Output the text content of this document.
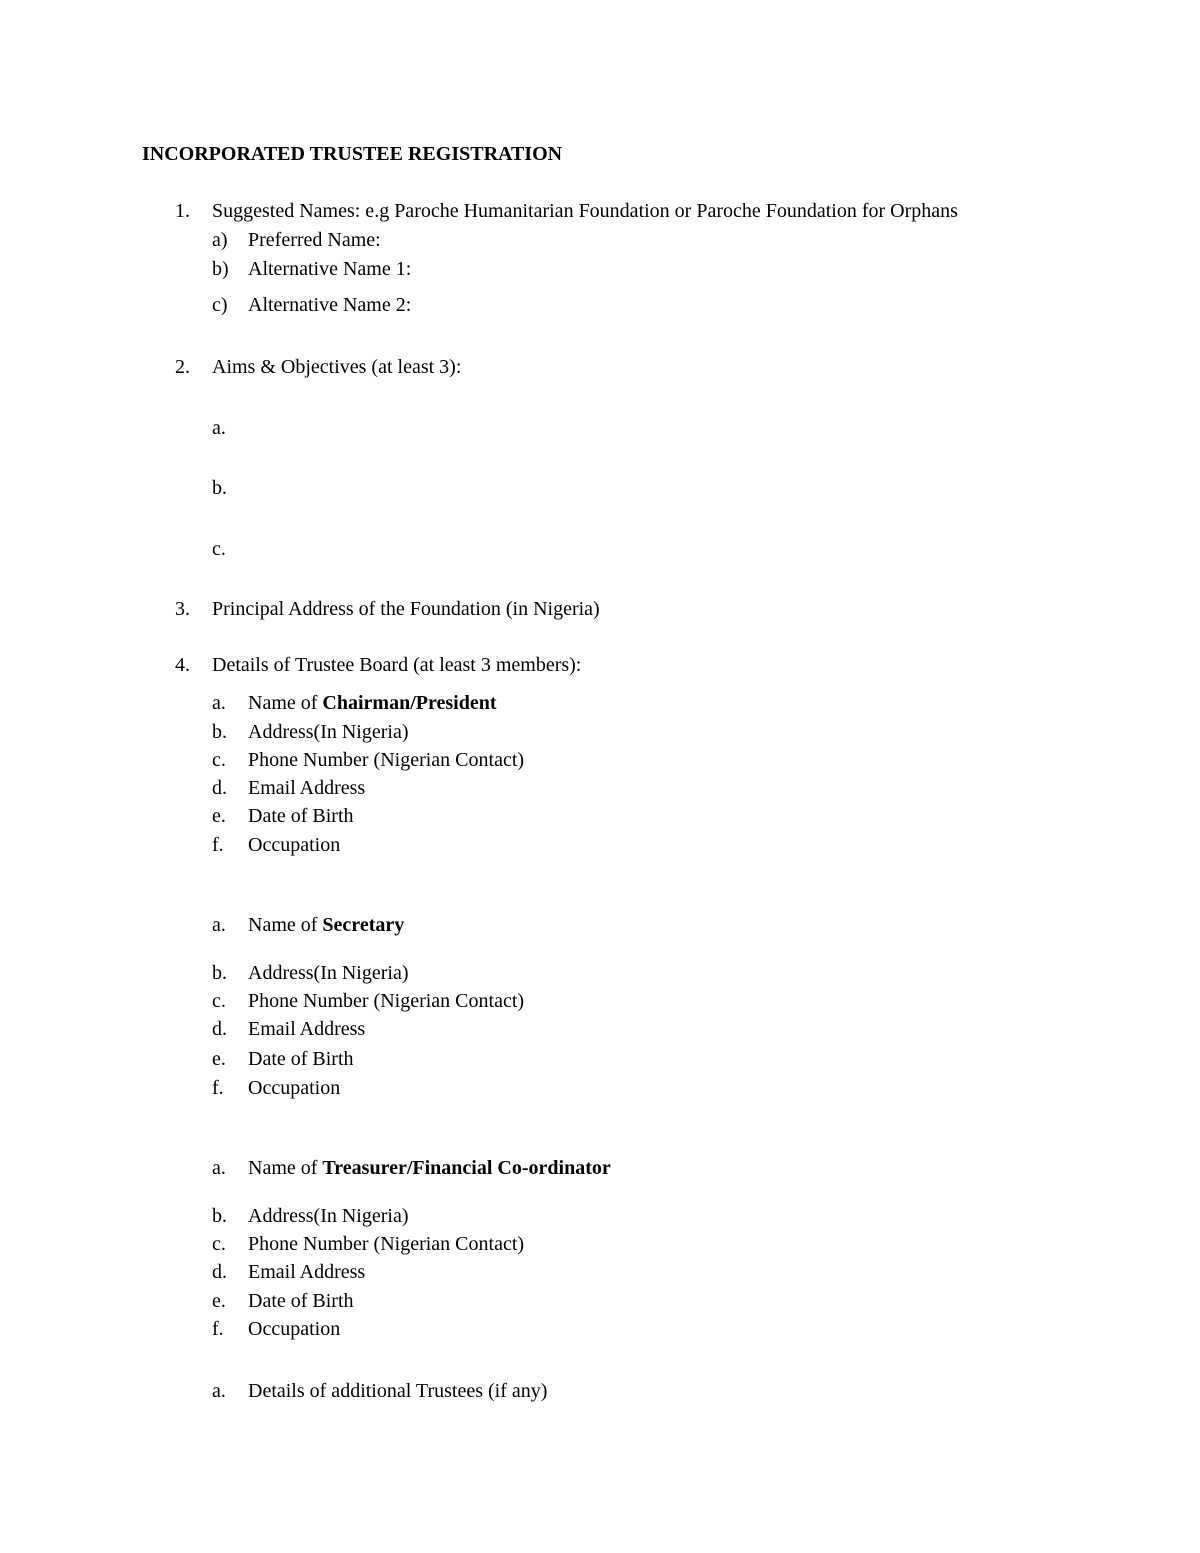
INCORPORATED TRUSTEE REGISTRATION
1. Suggested Names: e.g Paroche Humanitarian Foundation or Paroche Foundation for Orphans
a) Preferred Name:
b) Alternative Name 1:
c) Alternative Name 2:
2. Aims & Objectives (at least 3):
a.
b.
c.
3. Principal Address of the Foundation (in Nigeria)
4. Details of Trustee Board (at least 3 members):
a. Name of Chairman/President
b. Address(In Nigeria)
c. Phone Number (Nigerian Contact)
d. Email Address
e. Date of Birth
f. Occupation
a. Name of Secretary
b. Address(In Nigeria)
c. Phone Number (Nigerian Contact)
d. Email Address
e. Date of Birth
f. Occupation
a. Name of Treasurer/Financial Co-ordinator
b. Address(In Nigeria)
c. Phone Number (Nigerian Contact)
d. Email Address
e. Date of Birth
f. Occupation
a. Details of additional Trustees (if any)
